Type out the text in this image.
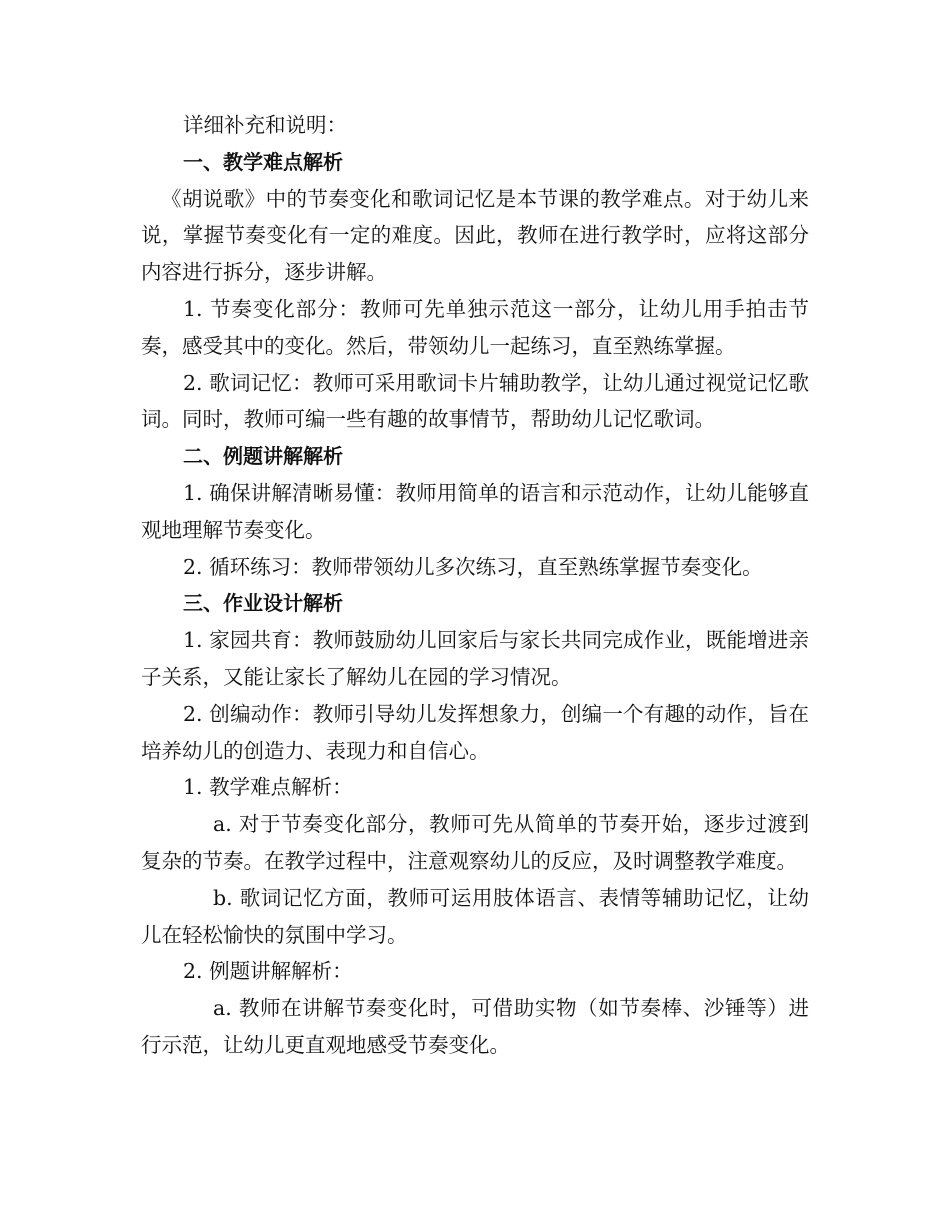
详细补充和说明：

一、教学难点解析

《胡说歌》中的节奏变化和歌词记忆是本节课的教学难点。对于幼儿来说，掌握节奏变化有一定的难度。因此，教师在进行教学时，应将这部分内容进行拆分，逐步讲解。

1. 节奏变化部分：教师可先单独示范这一部分，让幼儿用手拍击节奏，感受其中的变化。然后，带领幼儿一起练习，直至熟练掌握。

2. 歌词记忆：教师可采用歌词卡片辅助教学，让幼儿通过视觉记忆歌词。同时，教师可编一些有趣的故事情节，帮助幼儿记忆歌词。

二、例题讲解解析

1. 确保讲解清晰易懂：教师用简单的语言和示范动作，让幼儿能够直观地理解节奏变化。

2. 循环练习：教师带领幼儿多次练习，直至熟练掌握节奏变化。

三、作业设计解析

1. 家园共育：教师鼓励幼儿回家后与家长共同完成作业，既能增进亲子关系，又能让家长了解幼儿在园的学习情况。

2. 创编动作：教师引导幼儿发挥想象力，创编一个有趣的动作，旨在培养幼儿的创造力、表现力和自信心。

1. 教学难点解析：

a. 对于节奏变化部分，教师可先从简单的节奏开始，逐步过渡到复杂的节奏。在教学过程中，注意观察幼儿的反应，及时调整教学难度。

b. 歌词记忆方面，教师可运用肢体语言、表情等辅助记忆，让幼儿在轻松愉快的氛围中学习。

2. 例题讲解解析：

a. 教师在讲解节奏变化时，可借助实物（如节奏棒、沙锤等）进行示范，让幼儿更直观地感受节奏变化。
